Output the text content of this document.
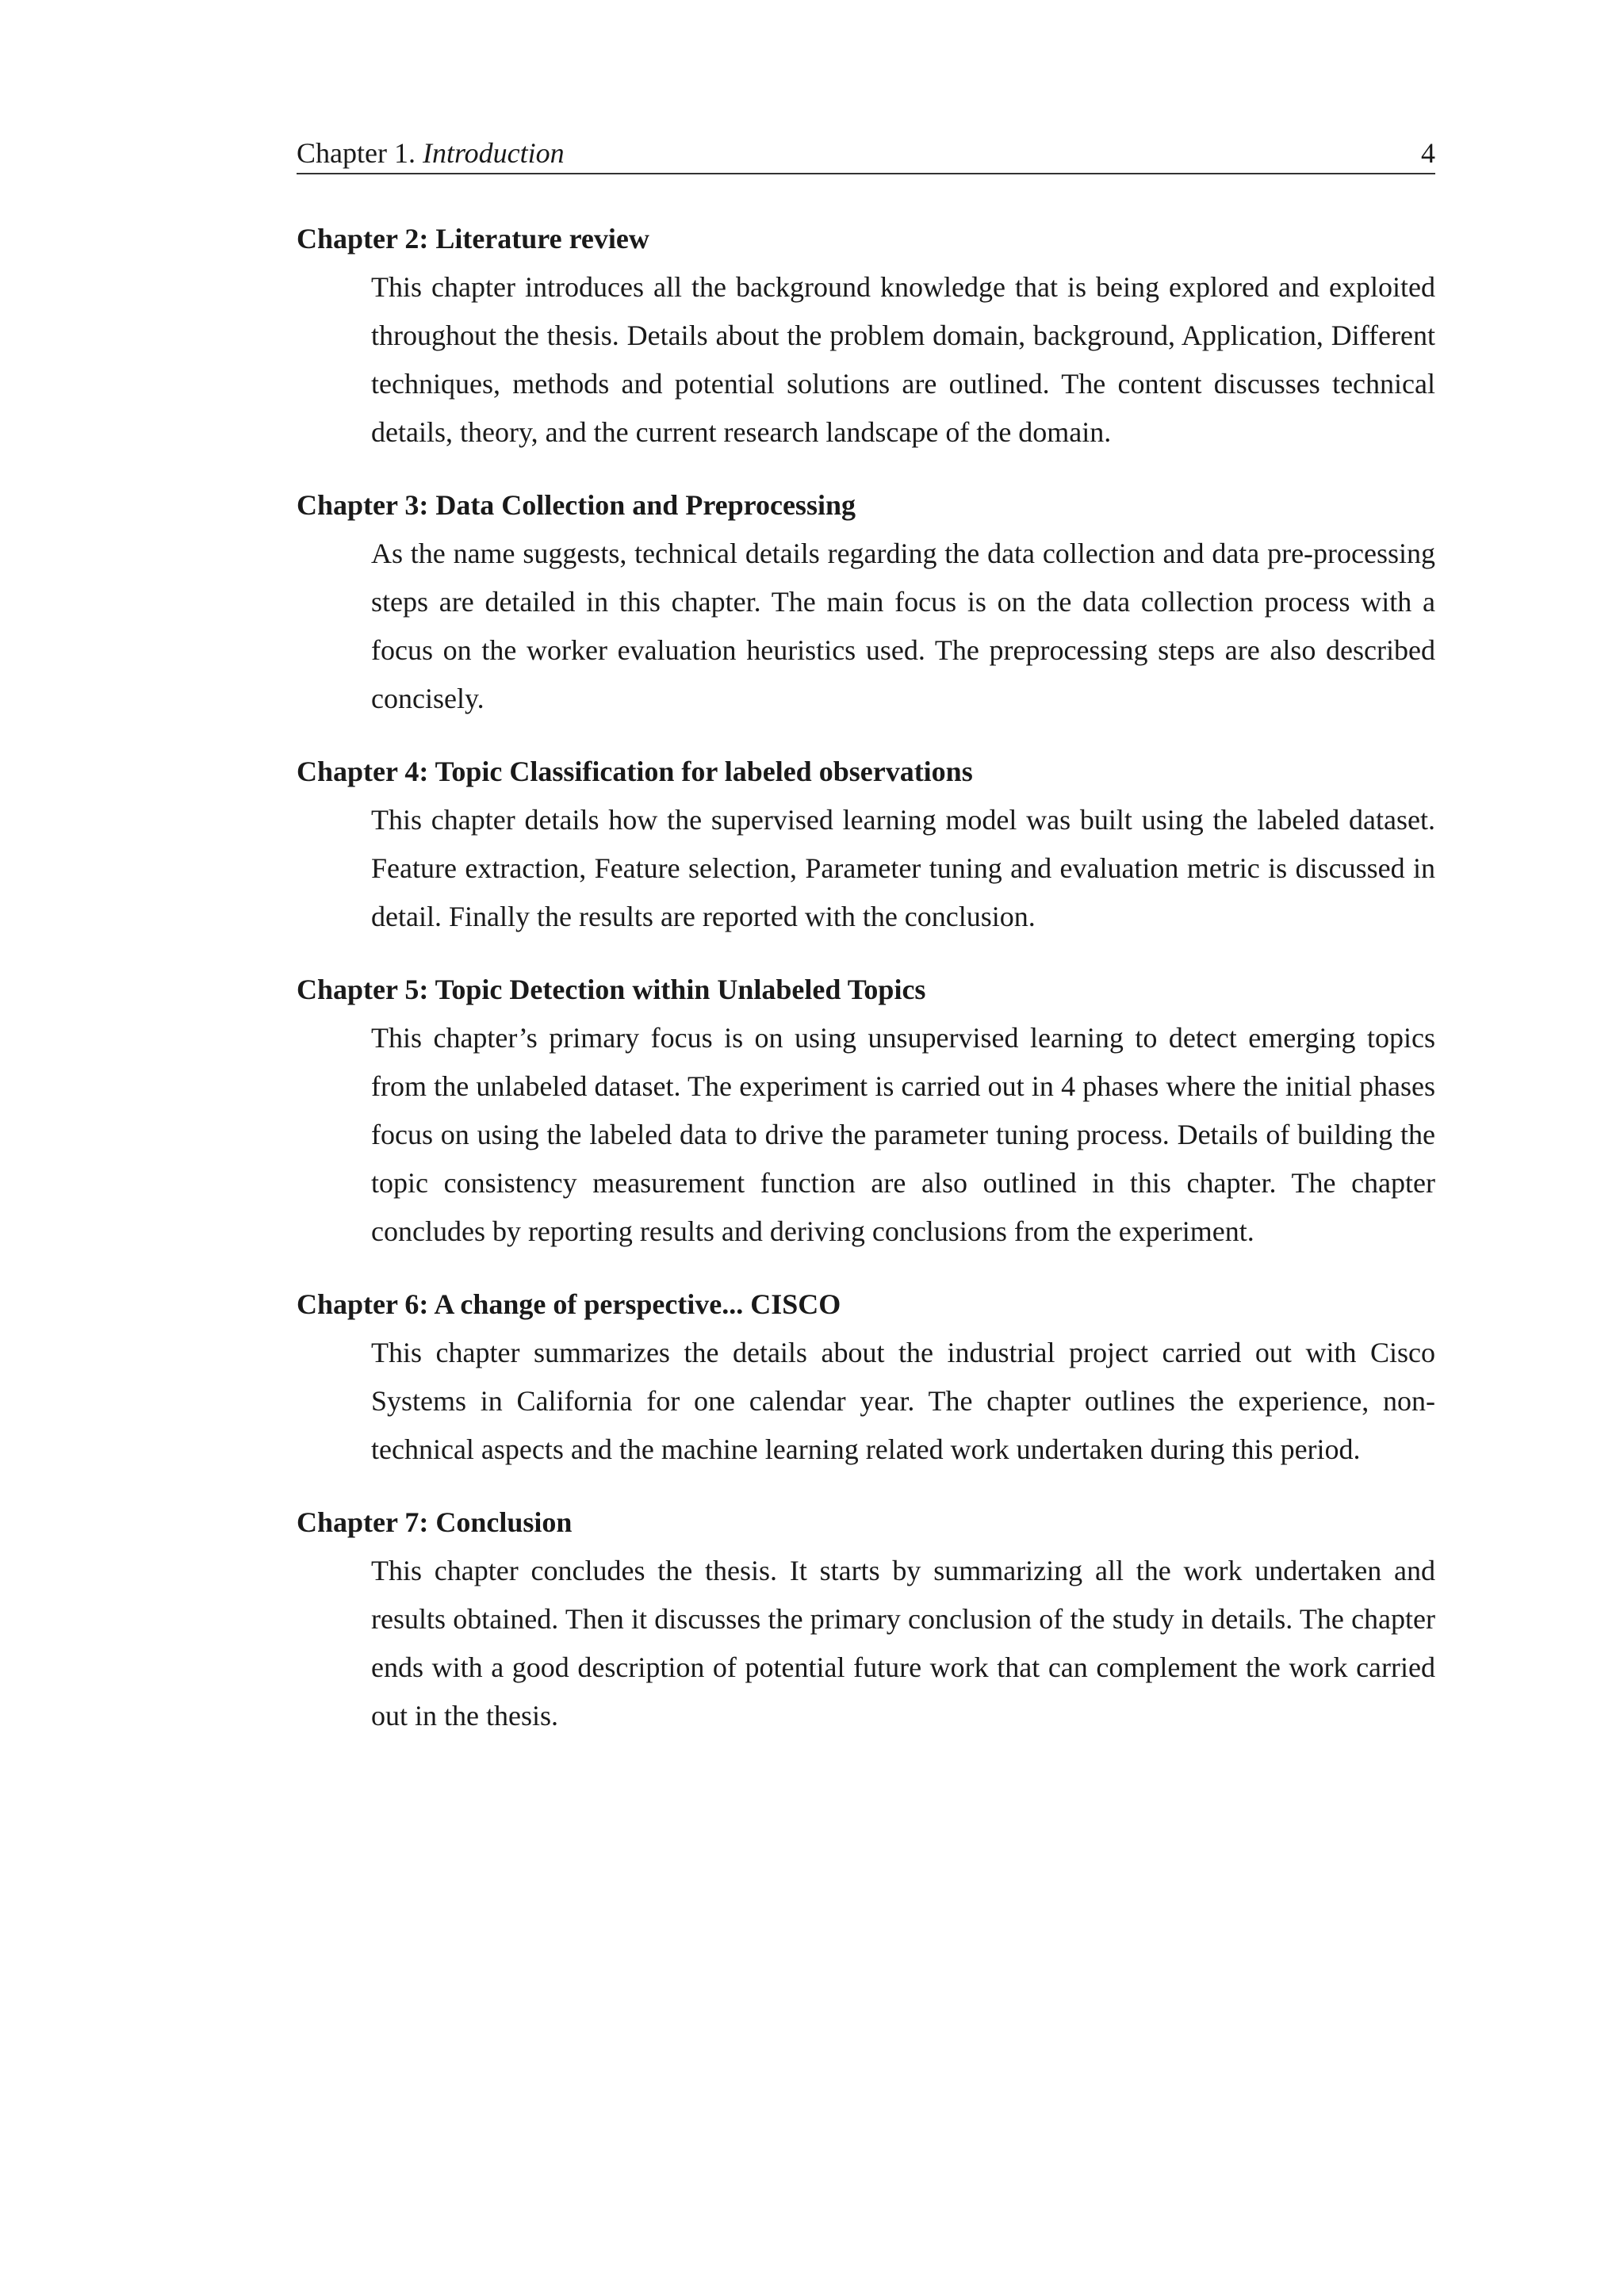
Chapter 1. Introduction	4

Chapter 2: Literature review

This chapter introduces all the background knowledge that is being explored and exploited throughout the thesis. Details about the problem domain, background, Application, Different techniques, methods and potential solutions are outlined. The content discusses technical details, theory, and the current research landscape of the domain.

Chapter 3: Data Collection and Preprocessing

As the name suggests, technical details regarding the data collection and data pre-processing steps are detailed in this chapter. The main focus is on the data collection process with a focus on the worker evaluation heuristics used. The preprocessing steps are also described concisely.

Chapter 4: Topic Classification for labeled observations

This chapter details how the supervised learning model was built using the labeled dataset. Feature extraction, Feature selection, Parameter tuning and evaluation metric is discussed in detail. Finally the results are reported with the conclusion.

Chapter 5: Topic Detection within Unlabeled Topics

This chapter’s primary focus is on using unsupervised learning to detect emerging topics from the unlabeled dataset. The experiment is carried out in 4 phases where the initial phases focus on using the labeled data to drive the parameter tuning process. Details of building the topic consistency measurement function are also outlined in this chapter. The chapter concludes by reporting results and deriving conclusions from the experiment.

Chapter 6: A change of perspective... CISCO

This chapter summarizes the details about the industrial project carried out with Cisco Systems in California for one calendar year. The chapter outlines the experience, non-technical aspects and the machine learning related work undertaken during this period.

Chapter 7: Conclusion

This chapter concludes the thesis. It starts by summarizing all the work undertaken and results obtained. Then it discusses the primary conclusion of the study in details. The chapter ends with a good description of potential future work that can complement the work carried out in the thesis.
